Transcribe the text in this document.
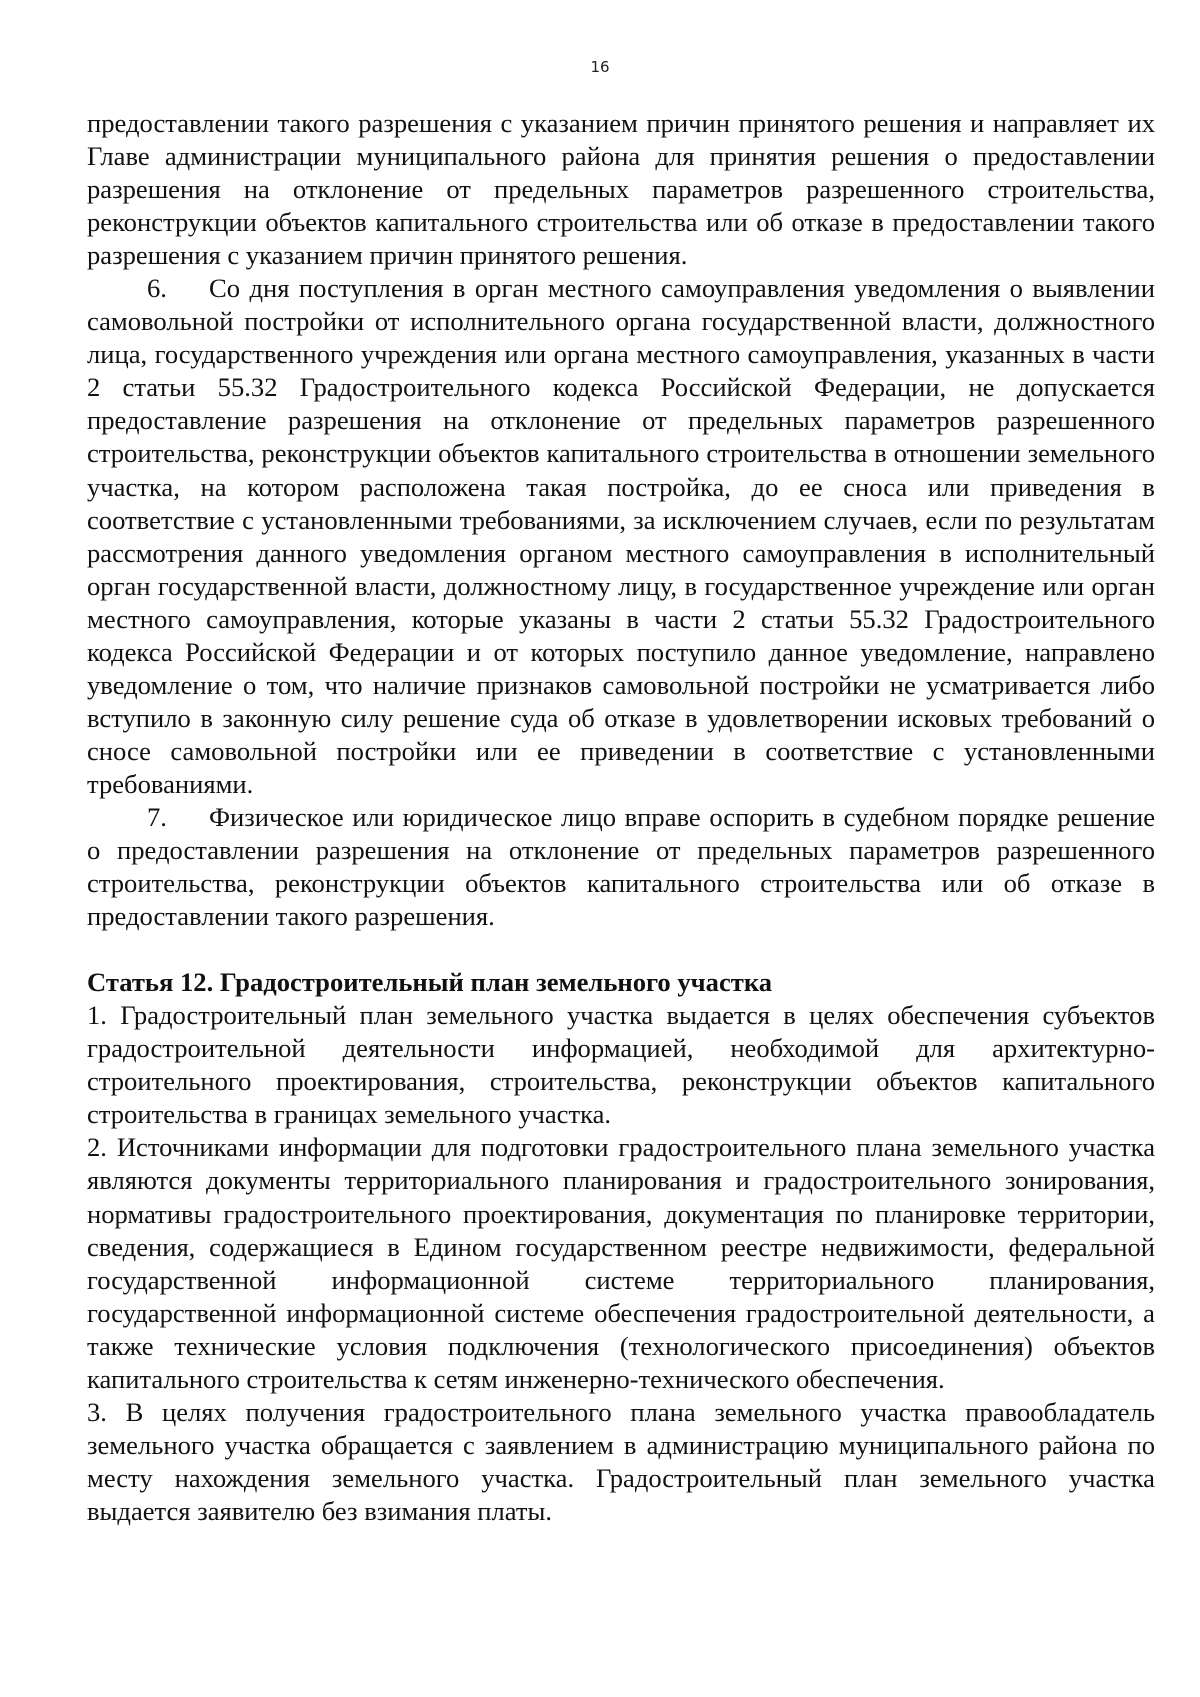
16

предоставлении такого разрешения с указанием причин принятого решения и направляет их Главе администрации муниципального района для принятия решения о предоставлении разрешения на отклонение от предельных параметров разрешенного строительства, реконструкции объектов капитального строительства или об отказе в предоставлении такого разрешения с указанием причин принятого решения.

6. Со дня поступления в орган местного самоуправления уведомления о выявлении самовольной постройки от исполнительного органа государственной власти, должностного лица, государственного учреждения или органа местного самоуправления, указанных в части 2 статьи 55.32 Градостроительного кодекса Российской Федерации, не допускается предоставление разрешения на отклонение от предельных параметров разрешенного строительства, реконструкции объектов капитального строительства в отношении земельного участка, на котором расположена такая постройка, до ее сноса или приведения в соответствие с установленными требованиями, за исключением случаев, если по результатам рассмотрения данного уведомления органом местного самоуправления в исполнительный орган государственной власти, должностному лицу, в государственное учреждение или орган местного самоуправления, которые указаны в части 2 статьи 55.32 Градостроительного кодекса Российской Федерации и от которых поступило данное уведомление, направлено уведомление о том, что наличие признаков самовольной постройки не усматривается либо вступило в законную силу решение суда об отказе в удовлетворении исковых требований о сносе самовольной постройки или ее приведении в соответствие с установленными требованиями.

7. Физическое или юридическое лицо вправе оспорить в судебном порядке решение о предоставлении разрешения на отклонение от предельных параметров разрешенного строительства, реконструкции объектов капитального строительства или об отказе в предоставлении такого разрешения.

Статья 12. Градостроительный план земельного участка

1. Градостроительный план земельного участка выдается в целях обеспечения субъектов градостроительной деятельности информацией, необходимой для архитектурно-строительного проектирования, строительства, реконструкции объектов капитального строительства в границах земельного участка.

2. Источниками информации для подготовки градостроительного плана земельного участка являются документы территориального планирования и градостроительного зонирования, нормативы градостроительного проектирования, документация по планировке территории, сведения, содержащиеся в Едином государственном реестре недвижимости, федеральной государственной информационной системе территориального планирования, государственной информационной системе обеспечения градостроительной деятельности, а также технические условия подключения (технологического присоединения) объектов капитального строительства к сетям инженерно-технического обеспечения.

3. В целях получения градостроительного плана земельного участка правообладатель земельного участка обращается с заявлением в администрацию муниципального района по месту нахождения земельного участка. Градостроительный план земельного участка выдается заявителю без взимания платы.
